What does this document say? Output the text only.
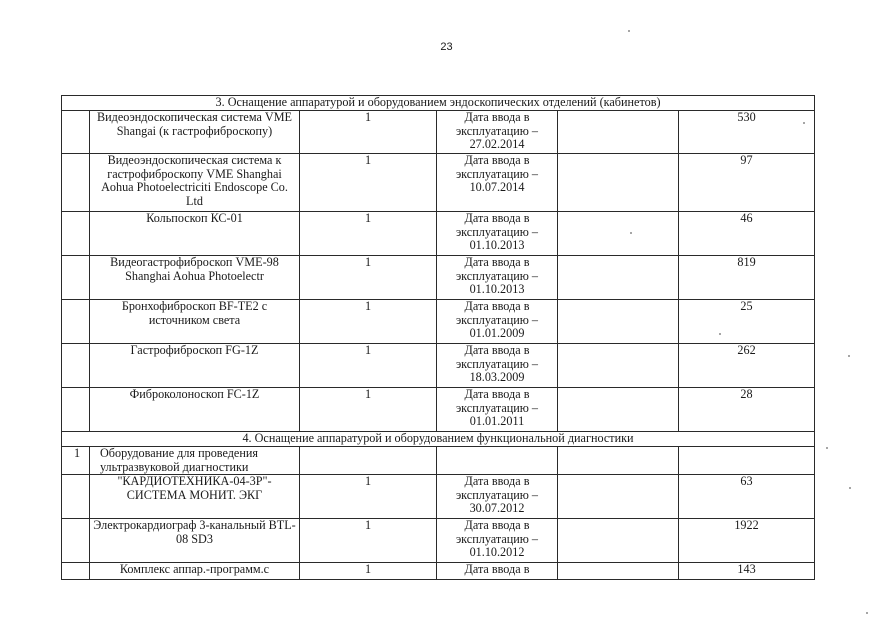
23
3. Оснащение аппаратурой и оборудованием эндоскопических отделений (кабинетов)					
	Видеоэндоскопическая система VME Shangai (к гастрофиброскопу)	1	Дата ввода в эксплуатацию – 27.02.2014		530
	Видеоэндоскопическая система к гастрофиброскопу VME Shanghai Aohua Photoelectriciti Endoscope Co. Ltd	1	Дата ввода в эксплуатацию – 10.07.2014		97
	Кольпоскоп КС-01	1	Дата ввода в эксплуатацию – 01.10.2013		46
	Видеогастрофиброскоп VME-98 Shanghai Aohua Photoelectr	1	Дата ввода в эксплуатацию – 01.10.2013		819
	Бронхофиброскоп BF-TE2 с источником света	1	Дата ввода в эксплуатацию – 01.01.2009		25
	Гастрофиброскоп FG-1Z	1	Дата ввода в эксплуатацию – 18.03.2009		262
	Фиброколоноскоп FC-1Z	1	Дата ввода в эксплуатацию – 01.01.2011		28
4. Оснащение аппаратурой и оборудованием функциональной диагностики					
1	Оборудование для проведения ультразвуковой диагностики				
	"КАРДИОТЕХНИКА-04-3Р"-СИСТЕМА МОНИТ. ЭКГ	1	Дата ввода в эксплуатацию – 30.07.2012		63
	Электрокардиограф 3-канальный BTL-08 SD3	1	Дата ввода в эксплуатацию – 01.10.2012		1922
	Комплекс аппар.-программ.с	1	Дата ввода в		143
